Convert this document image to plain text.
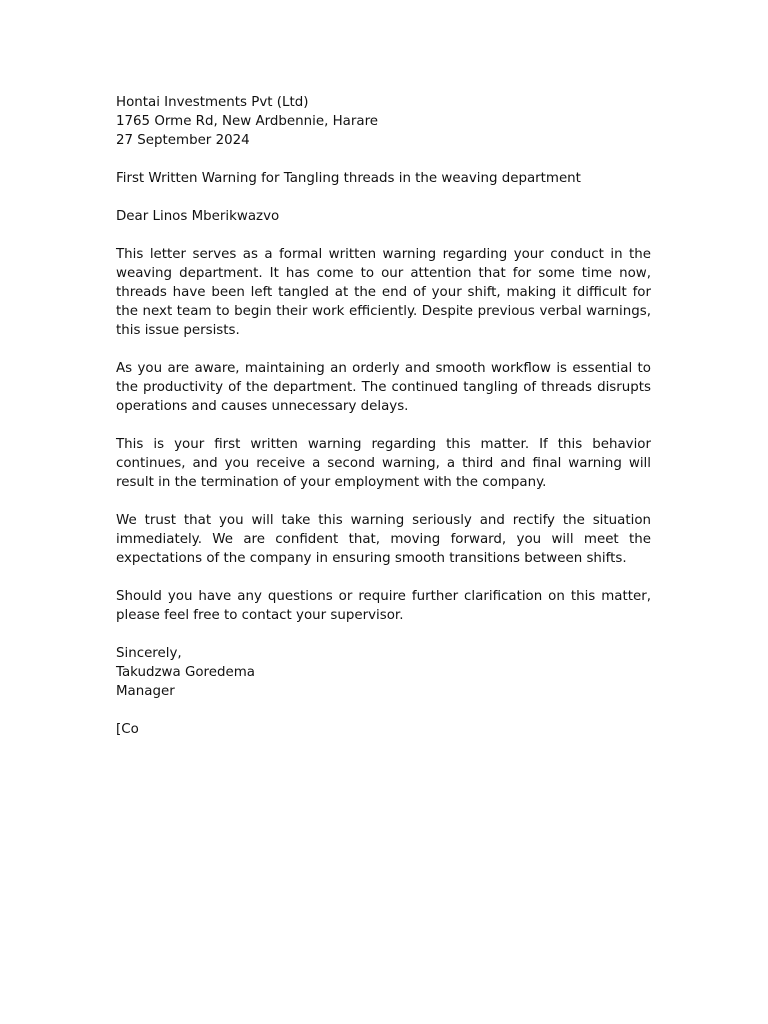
Hontai Investments Pvt (Ltd)
1765 Orme Rd, New Ardbennie, Harare
27 September 2024
First Written Warning for Tangling threads in the weaving department
Dear Linos Mberikwazvo

This letter serves as a formal written warning regarding your conduct in the weaving department. It has come to our attention that for some time now, threads have been left tangled at the end of your shift, making it difficult for the next team to begin their work efficiently. Despite previous verbal warnings, this issue persists.

As you are aware, maintaining an orderly and smooth workflow is essential to the productivity of the department. The continued tangling of threads disrupts operations and causes unnecessary delays.

This is your first written warning regarding this matter. If this behavior continues, and you receive a second warning, a third and final warning will result in the termination of your employment with the company.

We trust that you will take this warning seriously and rectify the situation immediately. We are confident that, moving forward, you will meet the expectations of the company in ensuring smooth transitions between shifts.

Should you have any questions or require further clarification on this matter, please feel free to contact your supervisor.

Sincerely,
Takudzwa Goredema
Manager
[Co
